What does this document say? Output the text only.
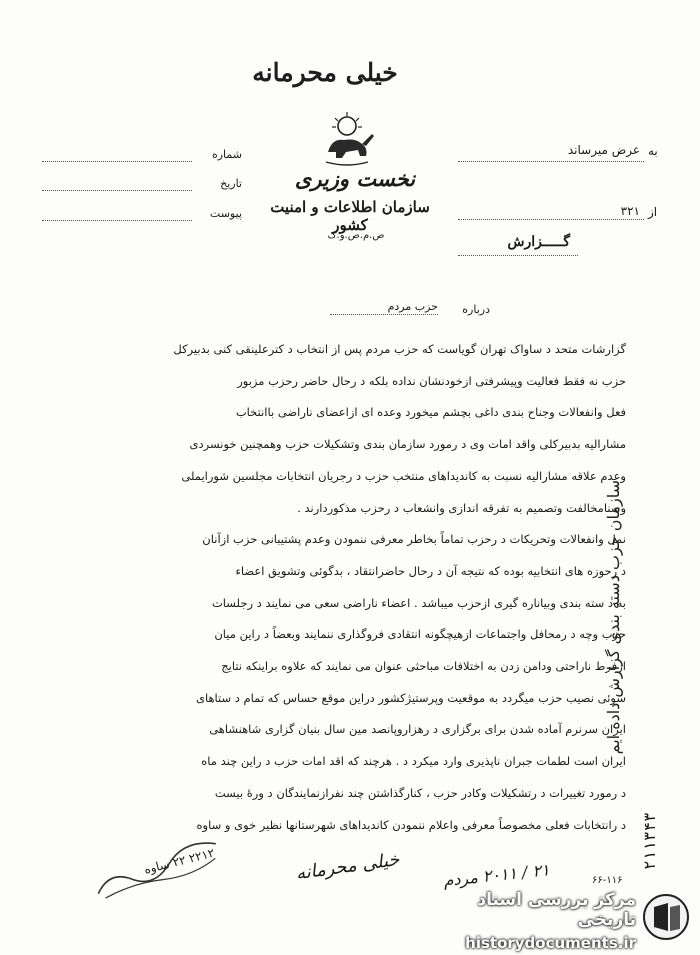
خیلی محرمانه
نخست وزیری
سازمان اطلاعات و امنیت کشور
ص.م.ص.و.ک
شماره
تاریخ
پیوست
به
عرض میرساند
از
۳۲۱
گـــــزارش
درباره
حزب مردم

گزارشات متحد د ساواک تهران گویاست که حزب مردم پس از انتخاب د کترعلینقی کنی بدبیرکل

حزب نه فقط فعالیت وپیشرفتی ازخودنشان نداده بلکه د رحال حاضر رحزب مزبور

فعل وانفعالات وجناح بندی داغی بچشم میخورد وعده ای ازاعضای ناراضی باانتخاب

مشارالیه بدبیرکلی واقد امات وی د رمورد سازمان بندی وتشکیلات حزب وهمچنین خونسردی

وعدم علاقه مشارالیه نسبت به کاندیداهای منتخب حزب د رجریان انتخابات مجلسین شورایملی

وسنامخالفت وتصمیم به تفرقه اندازی وانشعاب د رحزب مذکوردارند .

نمل وانفعالات وتحریکات د رحزب تماماً بخاطر معرفی ننمودن وعدم پشتیبانی حزب ازآنان

د رحوزه های انتخابیه بوده که نتیجه آن د رحال حاضرانتقاد ، بدگوئی وتشویق اعضاء

به د سته بندی وبیاناره گیری ازحزب میباشد . اعضاء ناراضی سعی می نمایند د رجلسات

حزب وچه د رمحافل واجتماعات ازهیچگونه انتقادی فروگذاری ننمایند وبعضاً د راین میان

ازفرط ناراحتی ودامن زدن به اختلافات مباحثی عنوان می نمایند که علاوه براینکه نتایج

سوئی نصیب حزب میگردد به موقعیت وپرستیژکشور دراین موقع حساس که تمام د ستاهای

ایران سرنرم آماده شدن برای برگزاری د رهزاروپانصد مین سال بنیان گزاری شاهنشاهی

ایران است لطمات جبران ناپذیری وارد میکرد د . هرچند که اقد امات حزب د راین چند ماه

د رمورد تغییرات د رتشکیلات وکادر حزب ، کنارگذاشتن چند نفرازنمایندگان د ورۀ بیست

د رانتخابات فعلی مخصوصاً معرفی واعلام ننمودن کاندیداهای شهرستانها نظیر خوی و ساوه

سازمان حزب دسته بندی گزارش داده ایم
۲۱۱۳۴۳
۲۲۱۲ ۲۲ ساوه	خیلی محرمانه	۲۱ / ۲۰۱۱ مردم	۶۶-۱۱۶
مرکز بررسی اسناد تاریخی
historydocuments.ir
